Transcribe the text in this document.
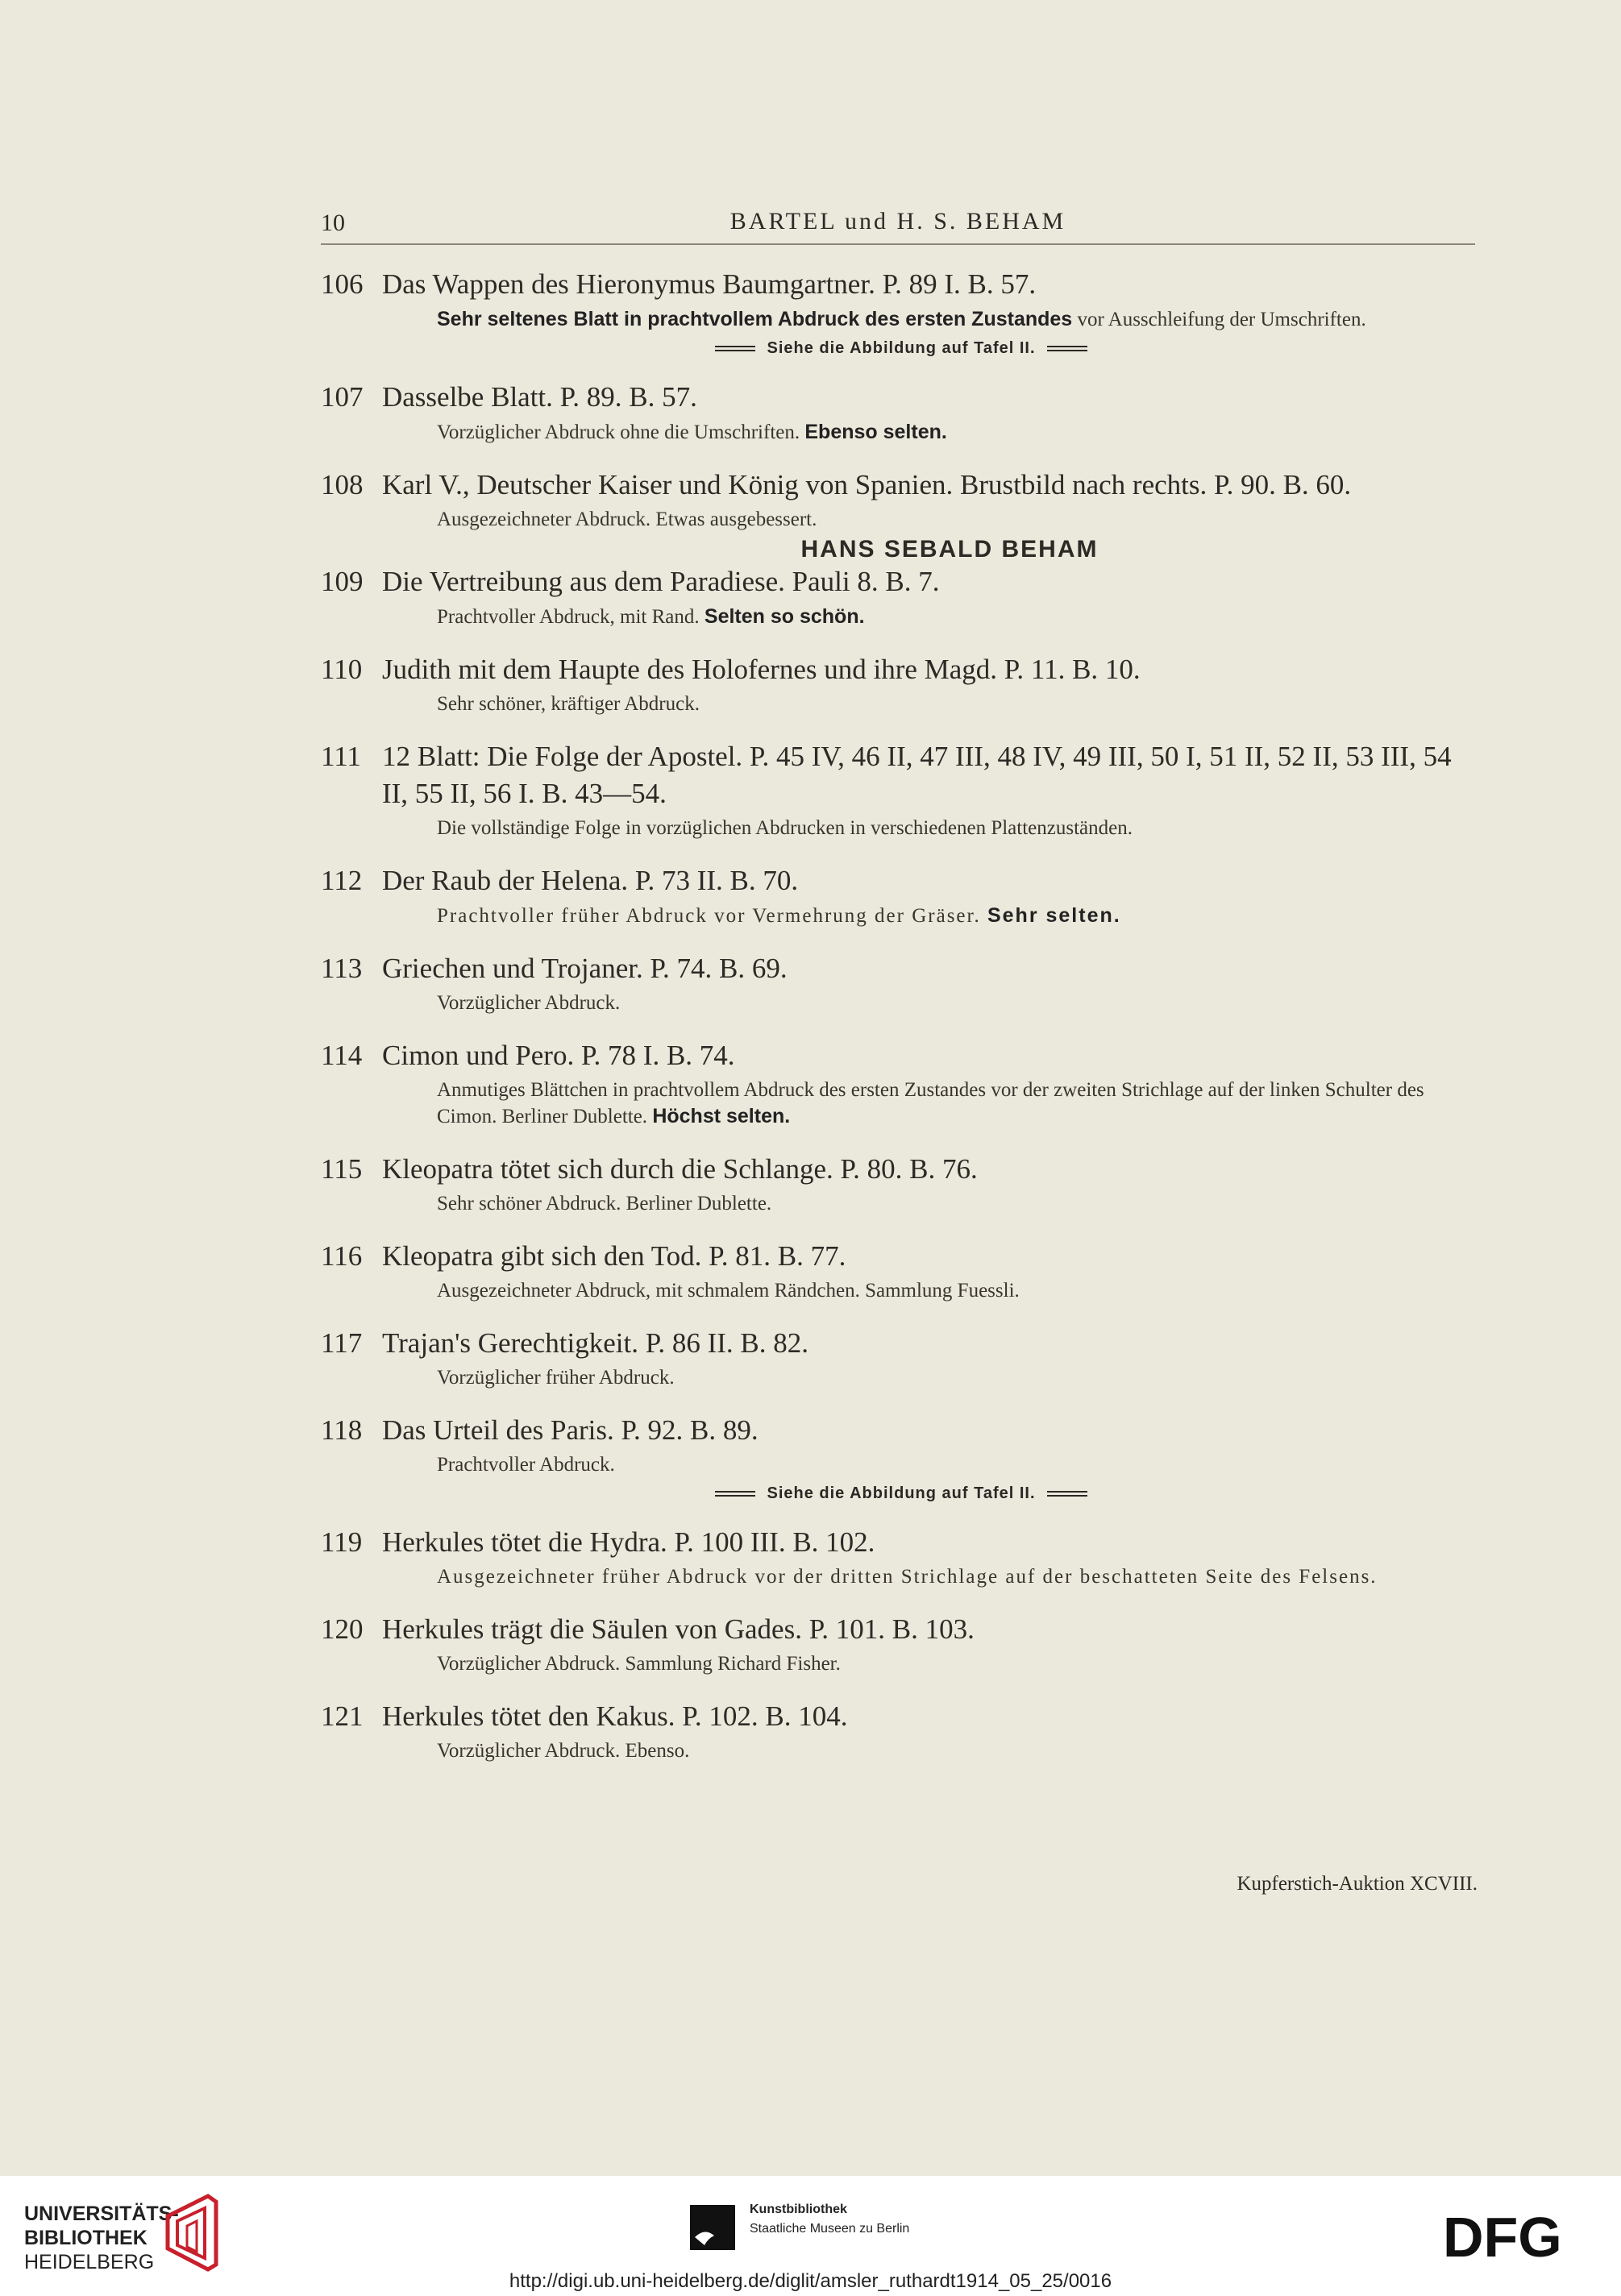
10	BARTEL und H. S. BEHAM
106 Das Wappen des Hieronymus Baumgartner. P. 89 I. B. 57.
Sehr seltenes Blatt in prachtvollem Abdruck des ersten Zustandes vor Ausschleifung der Umschriften.
Siehe die Abbildung auf Tafel II.
107 Dasselbe Blatt. P. 89. B. 57.
Vorzüglicher Abdruck ohne die Umschriften. Ebenso selten.
108 Karl V., Deutscher Kaiser und König von Spanien. Brustbild nach rechts. P. 90. B. 60.
Ausgezeichneter Abdruck. Etwas ausgebessert.
HANS SEBALD BEHAM
109 Die Vertreibung aus dem Paradiese. Pauli 8. B. 7.
Prachtvoller Abdruck, mit Rand. Selten so schön.
110 Judith mit dem Haupte des Holofernes und ihre Magd. P. 11. B. 10.
Sehr schöner, kräftiger Abdruck.
111 12 Blatt: Die Folge der Apostel. P. 45 IV, 46 II, 47 III, 48 IV, 49 III, 50 I, 51 II, 52 II, 53 III, 54 II, 55 II, 56 I. B. 43—54.
Die vollständige Folge in vorzüglichen Abdrucken in verschiedenen Plattenzuständen.
112 Der Raub der Helena. P. 73 II. B. 70.
Prachtvoller früher Abdruck vor Vermehrung der Gräser. Sehr selten.
113 Griechen und Trojaner. P. 74. B. 69.
Vorzüglicher Abdruck.
114 Cimon und Pero. P. 78 I. B. 74.
Anmutiges Blättchen in prachtvollem Abdruck des ersten Zustandes vor der zweiten Strichlage auf der linken Schulter des Cimon. Berliner Dublette. Höchst selten.
115 Kleopatra tötet sich durch die Schlange. P. 80. B. 76.
Sehr schöner Abdruck. Berliner Dublette.
116 Kleopatra gibt sich den Tod. P. 81. B. 77.
Ausgezeichneter Abdruck, mit schmalem Rändchen. Sammlung Fuessli.
117 Trajan's Gerechtigkeit. P. 86 II. B. 82.
Vorzüglicher früher Abdruck.
118 Das Urteil des Paris. P. 92. B. 89.
Prachtvoller Abdruck.
Siehe die Abbildung auf Tafel II.
119 Herkules tötet die Hydra. P. 100 III. B. 102.
Ausgezeichneter früher Abdruck vor der dritten Strichlage auf der beschatteten Seite des Felsens.
120 Herkules trägt die Säulen von Gades. P. 101. B. 103.
Vorzüglicher Abdruck. Sammlung Richard Fisher.
121 Herkules tötet den Kakus. P. 102. B. 104.
Vorzüglicher Abdruck. Ebenso.
Kupferstich-Auktion XCVIII.
UNIVERSITÄTS-
BIBLIOTHEK
HEIDELBERG
Kunstbibliothek
Staatliche Museen zu Berlin	DFG
http://digi.ub.uni-heidelberg.de/diglit/amsler_ruthardt1914_05_25/0016
